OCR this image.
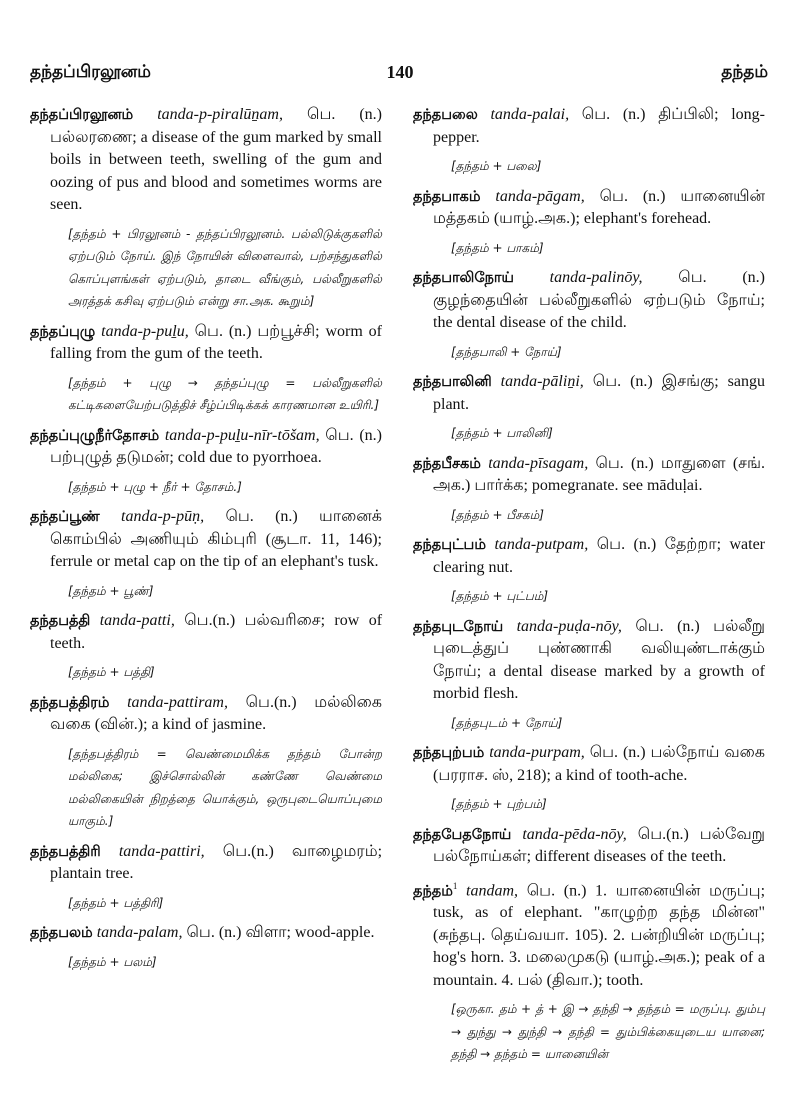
தந்தப்பிரலூனம்	140	தந்தம்

தந்தப்பிரலூனம் tanda-p-piralūṉam, பெ. (n.) பல்லரணை; a disease of the gum marked by small boils in between teeth, swelling of the gum and oozing of pus and blood and sometimes worms are seen.

[தந்தம் + பிரலூனம் - தந்தப்பிரலூனம். பல்லிடுக்குகளில் ஏற்படும் நோய். இந் நோயின் விளைவால், பற்சந்துகளில் கொப்புளங்கள் ஏற்படும், தாடை வீங்கும், பல்லீறுகளில் அரத்தக் கசிவு ஏற்படும் என்று சா.அக. கூறும்]

தந்தப்புழு tanda-p-puḻu, பெ. (n.) பற்பூச்சி; worm of falling from the gum of the teeth.

[தந்தம் + புழு → தந்தப்புழு = பல்லீறுகளில் கட்டிகளையேற்படுத்திச் சீழ்ப்பிடிக்கக் காரணமான உயிரி.]

தந்தப்புழுநீர்தோசம் tanda-p-puḻu-nīr-tōšam, பெ. (n.) பற்புழுத் தடுமன்; cold due to pyorrhoea.

[தந்தம் + புழு + நீர் + தோசம்.]

தந்தப்பூண் tanda-p-pūṇ, பெ. (n.) யானைக் கொம்பில் அணியும் கிம்புரி (சூடா. 11, 146); ferrule or metal cap on the tip of an elephant's tusk.

[தந்தம் + பூண்]

தந்தபத்தி tanda-patti, பெ.(n.) பல்வரிசை; row of teeth.

[தந்தம் + பத்தி]

தந்தபத்திரம் tanda-pattiram, பெ.(n.) மல்லிகை வகை (வின்.); a kind of jasmine.

[தந்தபத்திரம் = வெண்மைமிக்க தந்தம் போன்ற மல்லிகை; இச்சொல்லின் கண்ணே வெண்மை மல்லிகையின் நிறத்தை யொக்கும், ஒருபுடையொப்புமை யாகும்.]

தந்தபத்திரி tanda-pattiri, பெ.(n.) வாழைமரம்; plantain tree.

[தந்தம் + பத்திரி]

தந்தபலம் tanda-palam, பெ. (n.) விளா; wood-apple.

[தந்தம் + பலம்]

தந்தபலை tanda-palai, பெ. (n.) திப்பிலி; long-pepper.

[தந்தம் + பலை]

தந்தபாகம் tanda-pāgam, பெ. (n.) யானையின் மத்தகம் (யாழ்.அக.); elephant's forehead.

[தந்தம் + பாகம்]

தந்தபாலிநோய் tanda-palinōy, பெ. (n.) குழந்தையின் பல்லீறுகளில் ஏற்படும் நோய்; the dental disease of the child.

[தந்தபாலி + நோய்]

தந்தபாலினி tanda-pāliṉi, பெ. (n.) இசங்கு; sangu plant.

[தந்தம் + பாலினி]

தந்தபீசகம் tanda-pīsagam, பெ. (n.) மாதுளை (சங். அக.) பார்க்க; pomegranate. see māduḷai.

[தந்தம் + பீசகம்]

தந்தபுட்பம் tanda-putpam, பெ. (n.) தேற்றா; water clearing nut.

[தந்தம் + புட்பம்]

தந்தபுடநோய் tanda-puḍa-nōy, பெ. (n.) பல்லீறு புடைத்துப் புண்ணாகி வலியுண்டாக்கும் நோய்; a dental disease marked by a growth of morbid flesh.

[தந்தபுடம் + நோய்]

தந்தபுற்பம் tanda-purpam, பெ. (n.) பல்நோய் வகை (பரராச. ஸ், 218); a kind of tooth-ache.

[தந்தம் + புற்பம்]

தந்தபேதநோய் tanda-pēda-nōy, பெ.(n.) பல்வேறு பல்நோய்கள்; different diseases of the teeth.

தந்தம்$^1$ tandam, பெ. (n.) 1. யானையின் மருப்பு; tusk, as of elephant. "காழுற்ற தந்த மின்ன" (சுந்தபு. தெய்வயா. 105). 2. பன்றியின் மருப்பு; hog's horn. 3. மலைமுகடு (யாழ்.அக.); peak of a mountain. 4. பல் (திவா.); tooth.

[ஒருகா. தம் + த் + இ → தந்தி → தந்தம் = மருப்பு. தும்பு → துந்து → துந்தி → தந்தி = தும்பிக்கையுடைய யானை; தந்தி → தந்தம் = யானையின்
